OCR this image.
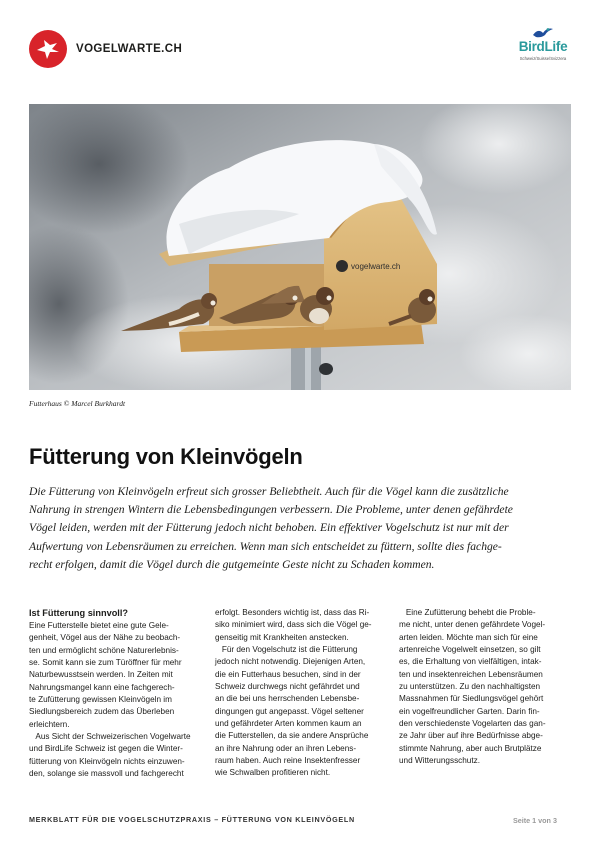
VOGELWARTE.CH	BirdLife
Schweiz/Suisse/Svizzera
vogelwarte.ch
Futterhaus © Marcel Burkhardt
Fütterung von Kleinvögeln
Die Fütterung von Kleinvögeln erfreut sich grosser Beliebtheit. Auch für die Vögel kann die zusätzliche
Nahrung in strengen Wintern die Lebensbedingungen verbessern. Die Probleme, unter denen gefährdete
Vögel leiden, werden mit der Fütterung jedoch nicht behoben. Ein effektiver Vogelschutz ist nur mit der
Aufwertung von Lebensräumen zu erreichen. Wenn man sich entscheidet zu füttern, sollte dies fachge-
recht erfolgen, damit die Vögel durch die gutgemeinte Geste nicht zu Schaden kommen.
Ist Fütterung sinnvoll?
Eine Futterstelle bietet eine gute Gele-
genheit, Vögel aus der Nähe zu beobach-
ten und ermöglicht schöne Naturerlebnis-
se. Somit kann sie zum Türöffner für mehr
Naturbewusstsein werden. In Zeiten mit
Nahrungsmangel kann eine fachgerech-
te Zufütterung gewissen Kleinvögeln im
Siedlungsbereich zudem das Überleben
erleichtern.
Aus Sicht der Schweizerischen Vogelwarte
und BirdLife Schweiz ist gegen die Winter-
fütterung von Kleinvögeln nichts einzuwen-
den, solange sie massvoll und fachgerecht
erfolgt. Besonders wichtig ist, dass das Ri-
siko minimiert wird, dass sich die Vögel ge-
genseitig mit Krankheiten anstecken.
Für den Vogelschutz ist die Fütterung
jedoch nicht notwendig. Diejenigen Arten,
die ein Futterhaus besuchen, sind in der
Schweiz durchwegs nicht gefährdet und
an die bei uns herrschenden Lebensbe-
dingungen gut angepasst. Vögel seltener
und gefährdeter Arten kommen kaum an
die Futterstellen, da sie andere Ansprüche
an ihre Nahrung oder an ihren Lebens-
raum haben. Auch reine Insektenfresser
wie Schwalben profitieren nicht.
Eine Zufütterung behebt die Proble-
me nicht, unter denen gefährdete Vogel-
arten leiden. Möchte man sich für eine
artenreiche Vogelwelt einsetzen, so gilt
es, die Erhaltung von vielfältigen, intak-
ten und insektenreichen Lebensräumen
zu unterstützen. Zu den nachhaltigsten
Massnahmen für Siedlungsvögel gehört
ein vogelfreundlicher Garten. Darin fin-
den verschiedenste Vogelarten das gan-
ze Jahr über auf ihre Bedürfnisse abge-
stimmte Nahrung, aber auch Brutplätze
und Witterungsschutz.
MERKBLATT FÜR DIE VOGELSCHUTZPRAXIS – FÜTTERUNG VON KLEINVÖGELN	Seite 1 von 3
